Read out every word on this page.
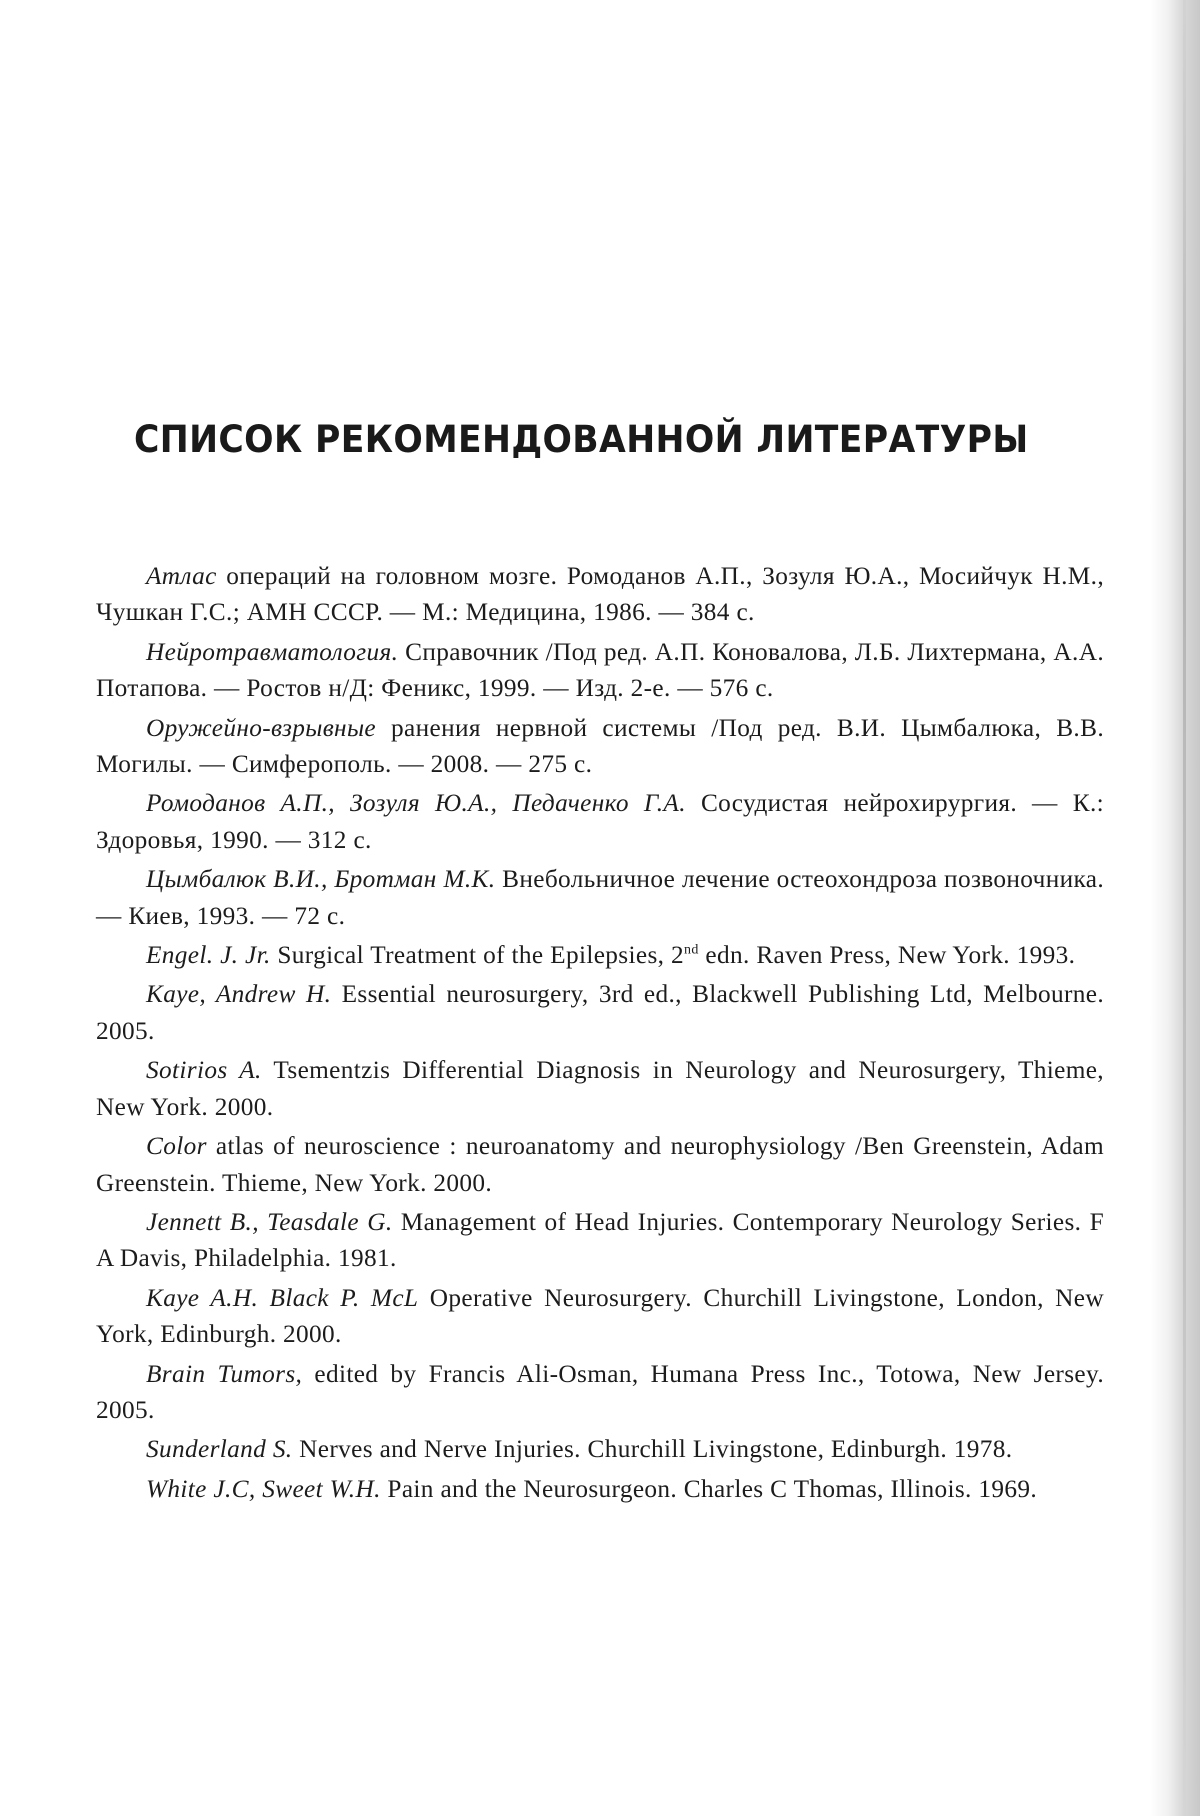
СПИСОК РЕКОМЕНДОВАННОЙ ЛИТЕРАТУРЫ

Атлас операций на головном мозге. Ромоданов А.П., Зозуля Ю.А., Мосийчук Н.М., Чушкан Г.С.; АМН СССР. — М.: Медицина, 1986. — 384 с.

Нейротравматология. Справочник /Под ред. А.П. Коновалова, Л.Б. Лихтермана, А.А. Потапова. — Ростов н/Д: Феникс, 1999. — Изд. 2-е. — 576 с.

Оружейно-взрывные ранения нервной системы /Под ред. В.И. Цымбалюка, В.В. Могилы. — Симферополь. — 2008. — 275 с.

Ромоданов А.П., Зозуля Ю.А., Педаченко Г.А. Сосудистая нейрохирургия. — К.: Здоровья, 1990. — 312 с.

Цымбалюк В.И., Бротман М.К. Внебольничное лечение остеохондроза позвоночника. — Киев, 1993. — 72 с.

Engel. J. Jr. Surgical Treatment of the Epilepsies, 2nd edn. Raven Press, New York. 1993.

Kaye, Andrew H. Essential neurosurgery, 3rd ed., Blackwell Publishing Ltd, Melbourne. 2005.

Sotirios A. Tsementzis Differential Diagnosis in Neurology and Neurosurgery, Thieme, New York. 2000.

Color atlas of neuroscience : neuroanatomy and neurophysiology /Ben Greenstein, Adam Greenstein. Thieme, New York. 2000.

Jennett B., Teasdale G. Management of Head Injuries. Contemporary Neurology Series. F A Davis, Philadelphia. 1981.

Kaye A.H. Black P. McL Operative Neurosurgery. Churchill Livingstone, London, New York, Edinburgh. 2000.

Brain Tumors, edited by Francis Ali-Osman, Humana Press Inc., Totowa, New Jersey. 2005.

Sunderland S. Nerves and Nerve Injuries. Churchill Livingstone, Edinburgh. 1978.

White J.C, Sweet W.H. Pain and the Neurosurgeon. Charles C Thomas, Illinois. 1969.
